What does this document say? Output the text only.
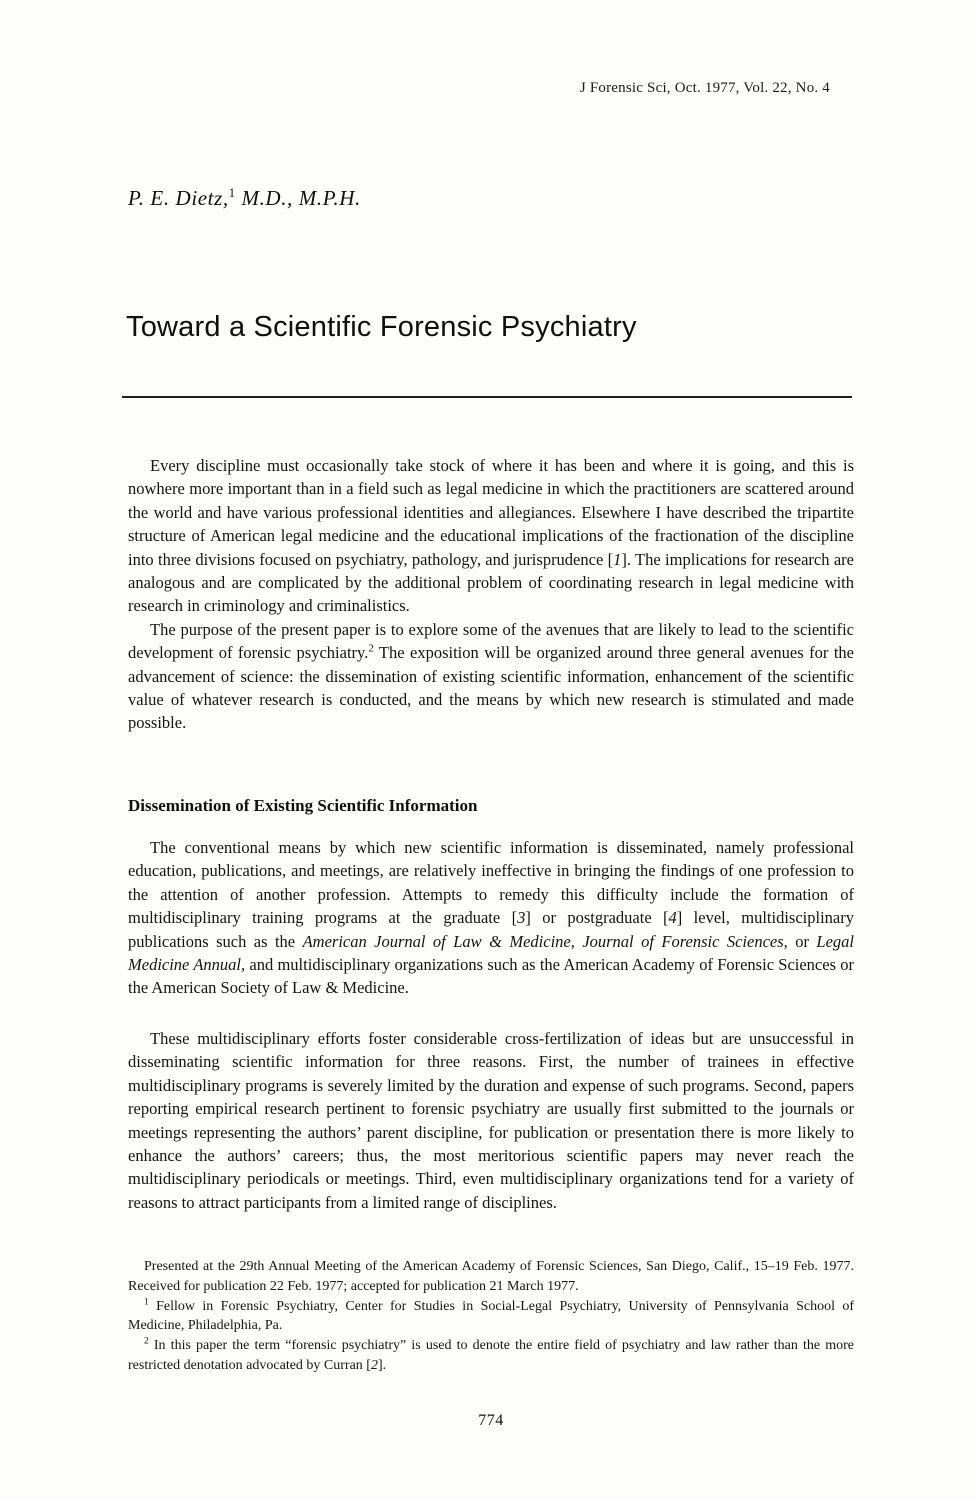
J Forensic Sci, Oct. 1977, Vol. 22, No. 4
P. E. Dietz,$^1$ M.D., M.P.H.
Toward a Scientific Forensic Psychiatry

Every discipline must occasionally take stock of where it has been and where it is going, and this is nowhere more important than in a field such as legal medicine in which the practitioners are scattered around the world and have various professional identities and allegiances. Elsewhere I have described the tripartite structure of American legal medicine and the educational implications of the fractionation of the discipline into three divisions focused on psychiatry, pathology, and jurisprudence [1]. The implications for research are analogous and are complicated by the additional problem of coordinating research in legal medicine with research in criminology and criminalistics.

The purpose of the present paper is to explore some of the avenues that are likely to lead to the scientific development of forensic psychiatry.$^2$ The exposition will be organized around three general avenues for the advancement of science: the dissemination of existing scientific information, enhancement of the scientific value of whatever research is conducted, and the means by which new research is stimulated and made possible.

Dissemination of Existing Scientific Information

The conventional means by which new scientific information is disseminated, namely professional education, publications, and meetings, are relatively ineffective in bringing the findings of one profession to the attention of another profession. Attempts to remedy this difficulty include the formation of multidisciplinary training programs at the graduate [3] or postgraduate [4] level, multidisciplinary publications such as the American Journal of Law & Medicine, Journal of Forensic Sciences, or Legal Medicine Annual, and multidisciplinary organizations such as the American Academy of Forensic Sciences or the American Society of Law & Medicine.

These multidisciplinary efforts foster considerable cross-fertilization of ideas but are unsuccessful in disseminating scientific information for three reasons. First, the number of trainees in effective multidisciplinary programs is severely limited by the duration and expense of such programs. Second, papers reporting empirical research pertinent to forensic psychiatry are usually first submitted to the journals or meetings representing the authors’ parent discipline, for publication or presentation there is more likely to enhance the authors’ careers; thus, the most meritorious scientific papers may never reach the multidisciplinary periodicals or meetings. Third, even multidisciplinary organizations tend for a variety of reasons to attract participants from a limited range of disciplines.

Presented at the 29th Annual Meeting of the American Academy of Forensic Sciences, San Diego, Calif., 15–19 Feb. 1977. Received for publication 22 Feb. 1977; accepted for publication 21 March 1977.

$^1$ Fellow in Forensic Psychiatry, Center for Studies in Social-Legal Psychiatry, University of Pennsylvania School of Medicine, Philadelphia, Pa.

$^2$ In this paper the term “forensic psychiatry” is used to denote the entire field of psychiatry and law rather than the more restricted denotation advocated by Curran [2].

774
